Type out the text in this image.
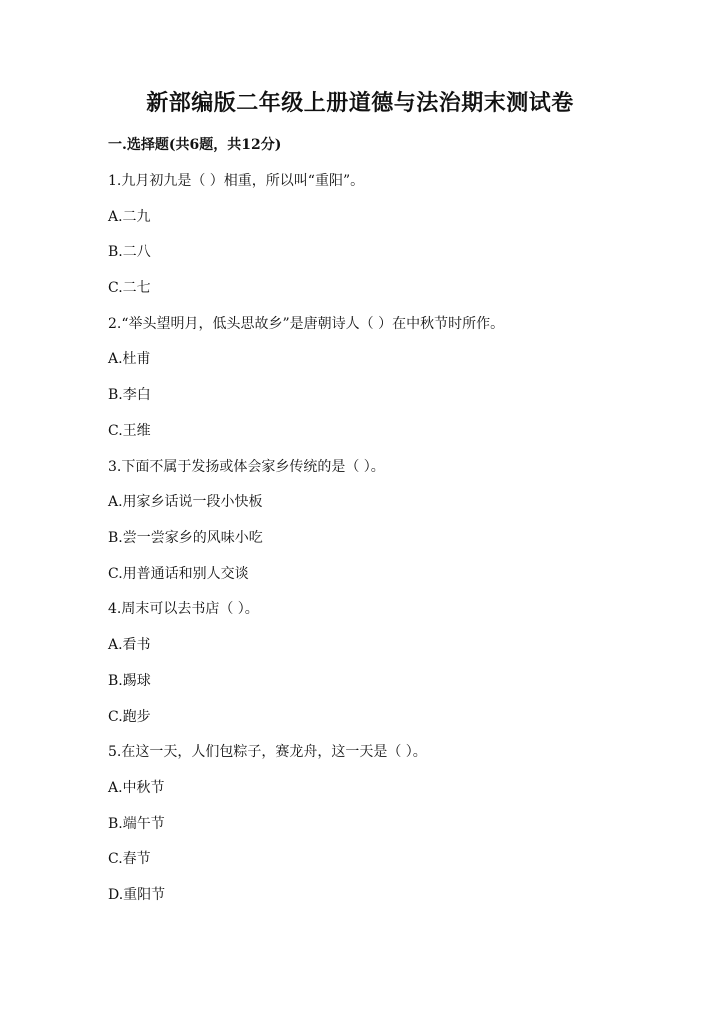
新部编版二年级上册道德与法治期末测试卷
一.选择题(共6题，共12分)
1.九月初九是（ ）相重，所以叫“重阳”。
A.二九
B.二八
C.二七
2.“举头望明月，低头思故乡”是唐朝诗人（ ）在中秋节时所作。
A.杜甫
B.李白
C.王维
3.下面不属于发扬或体会家乡传统的是（ ）。
A.用家乡话说一段小快板
B.尝一尝家乡的风味小吃
C.用普通话和别人交谈
4.周末可以去书店（ ）。
A.看书
B.踢球
C.跑步
5.在这一天，人们包粽子，赛龙舟，这一天是（ ）。
A.中秋节
B.端午节
C.春节
D.重阳节
